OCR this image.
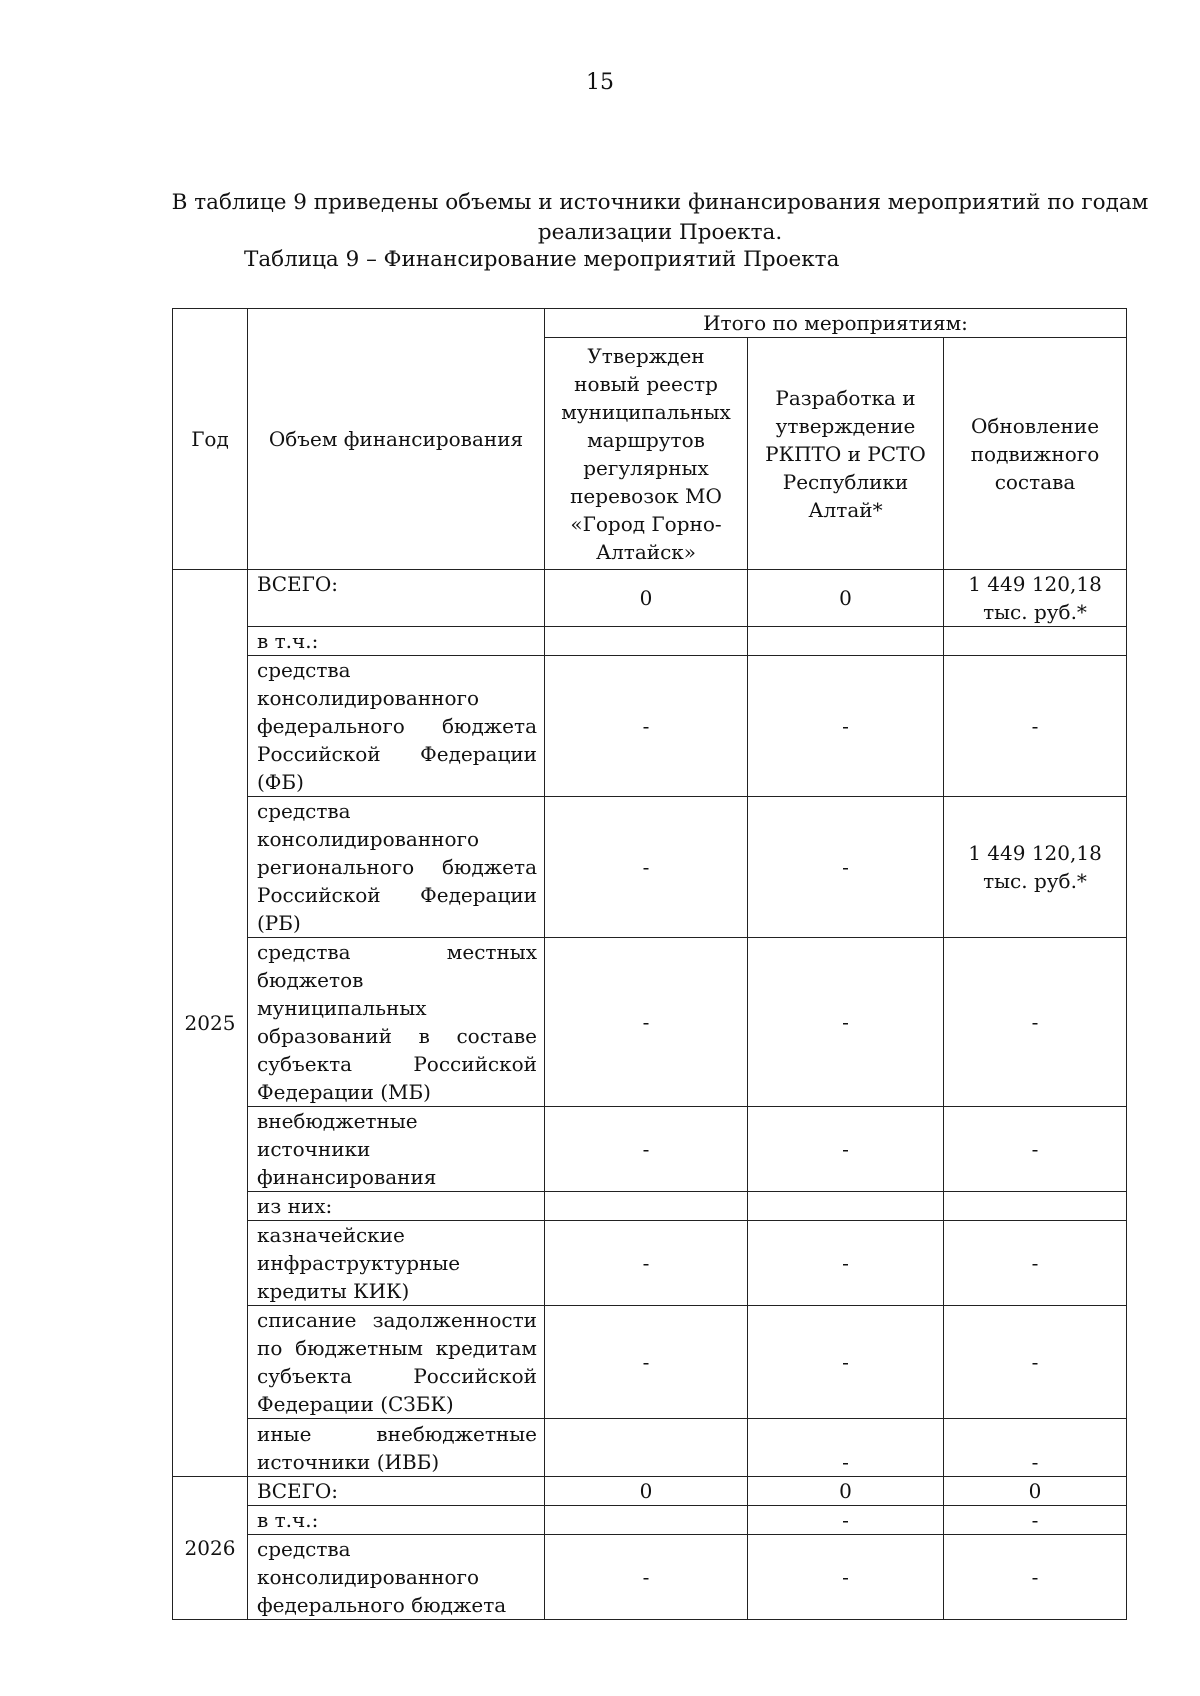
15

В таблице 9 приведены объемы и источники финансирования мероприятий по годам реализации Проекта.

Таблица 9 – Финансирование мероприятий Проекта

Год	Объем финансирования	Итого по мероприятиям:		
		Утвержден новый реестр муниципальных маршрутов регулярных перевозок МО «Город Горно-Алтайск»	Разработка и утверждение РКПТО и РСТО Республики Алтай*	Обновление подвижного состава
2025	ВСЕГО:	0	0	1 449 120,18 тыс. руб.*
	в т.ч.:			
	средства консолидированного федерального бюджета Российской Федерации (ФБ)	-	-	-
	средства консолидированного регионального бюджета Российской Федерации (РБ)	-	-	1 449 120,18 тыс. руб.*
	средства местных бюджетов муниципальных образований в составе субъекта Российской Федерации (МБ)	-	-	-
	внебюджетные источники финансирования	-	-	-
	из них:			
	казначейские инфраструктурные кредиты КИК)	-	-	-
	списание задолженности по бюджетным кредитам субъекта Российской Федерации (СЗБК)	-	-	-
	иные внебюджетные источники (ИВБ)		-	-
2026	ВСЕГО:	0	0	0
	в т.ч.:		-	-
	средства консолидированного федерального бюджета	-	-	-
